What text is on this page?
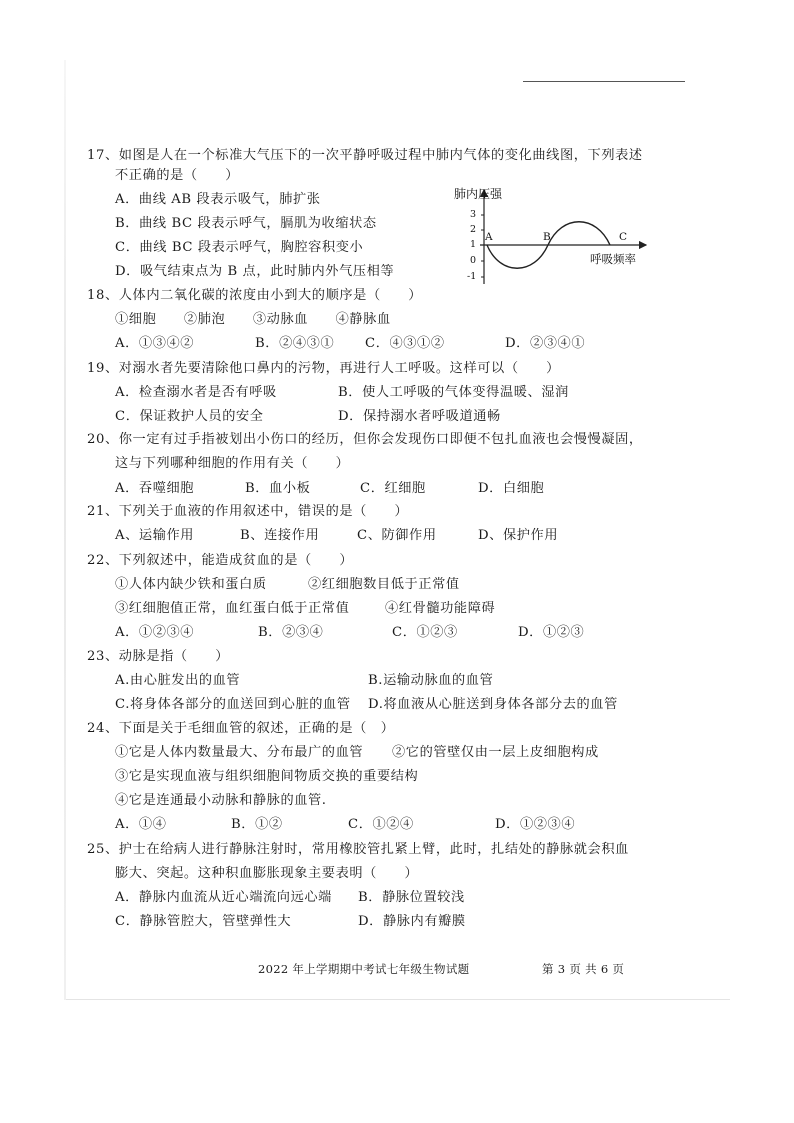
17、如图是人在一个标准大气压下的一次平静呼吸过程中肺内气体的变化曲线图，下列表述
不正确的是（　　）
A．曲线 AB 段表示吸气，肺扩张
B．曲线 BC 段表示呼气，膈肌为收缩状态
C．曲线 BC 段表示呼气，胸腔容积变小
D．吸气结束点为 B 点，此时肺内外气压相等
肺内压强
3
2
1
0
-1
A	B	C
呼吸频率
18、人体内二氧化碳的浓度由小到大的顺序是（　　）
①细胞　　②肺泡　　③动脉血　　④静脉血
A．①③④②	B．②④③① C．④③①②	D．②③④①
19、对溺水者先要清除他口鼻内的污物，再进行人工呼吸。这样可以（　　）
A．检查溺水者是否有呼吸	B．使人工呼吸的气体变得温暖、湿润
C．保证救护人员的安全	D．保持溺水者呼吸道通畅
20、你一定有过手指被划出小伤口的经历，但你会发现伤口即便不包扎血液也会慢慢凝固，
这与下列哪种细胞的作用有关（　　）
A．吞噬细胞	B．血小板	C．红细胞	D．白细胞
21、下列关于血液的作用叙述中，错误的是（　　）
A、运输作用	B、连接作用	C、防御作用	D、保护作用
22、下列叙述中，能造成贫血的是（　　）
①人体内缺少铁和蛋白质	②红细胞数目低于正常值
③红细胞值正常，血红蛋白低于正常值	④红骨髓功能障碍
A．①②③④	B．②③④	C．①②③	D．①②③
23、动脉是指（　　）
A.由心脏发出的血管	B.运输动脉血的血管
C.将身体各部分的血送回到心脏的血管 D.将血液从心脏送到身体各部分去的血管
24、下面是关于毛细血管的叙述，正确的是（　）
①它是人体内数量最大、分布最广的血管 ②它的管壁仅由一层上皮细胞构成
③它是实现血液与组织细胞间物质交换的重要结构
④它是连通最小动脉和静脉的血管.
A．①④	B．①②	C．①②④	D．①②③④
25、护士在给病人进行静脉注射时，常用橡胶管扎紧上臂，此时，扎结处的静脉就会积血
膨大、突起。这种积血膨胀现象主要表明（　　）
A．静脉内血流从近心端流向远心端 B．静脉位置较浅
C．静脉管腔大，管壁弹性大	D．静脉内有瓣膜
2022 年上学期期中考试七年级生物试题	第 3 页 共 6 页
